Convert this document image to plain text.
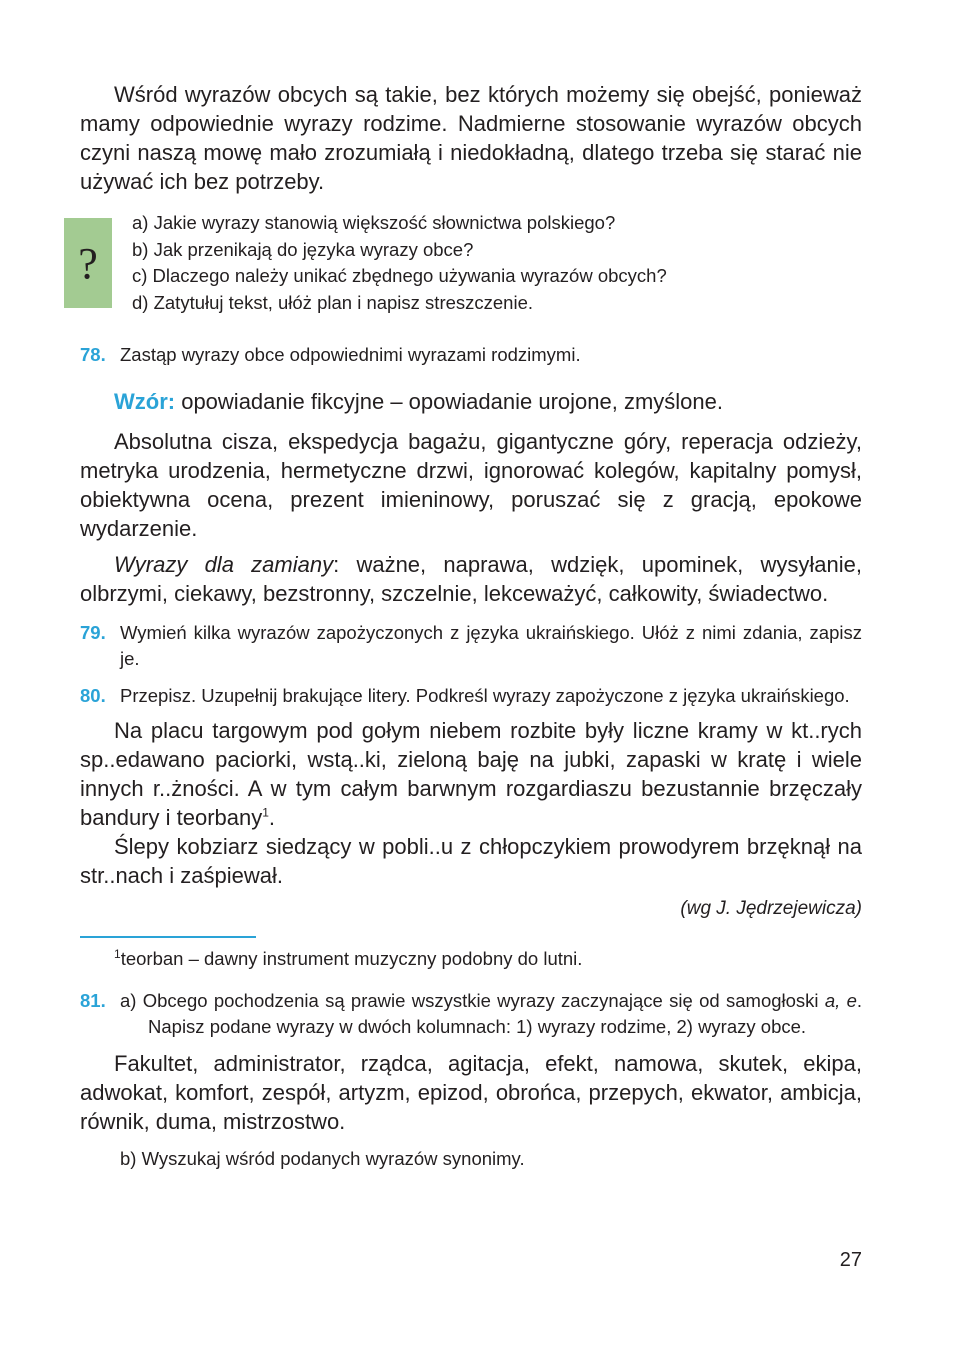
Wśród wyrazów obcych są takie, bez których możemy się obejść, ponieważ mamy odpowiednie wyrazy rodzime. Nadmierne stosowanie wyrazów obcych czyni naszą mowę mało zrozumiałą i niedokładną, dlatego trzeba się starać nie używać ich bez potrzeby.

?
a) Jakie wyrazy stanowią większość słownictwa polskiego?
b) Jak przenikają do języka wyrazy obce?
c) Dlaczego należy unikać zbędnego używania wyrazów obcych?
d) Zatytułuj tekst, ułóż plan i napisz streszczenie.
78. Zastąp wyrazy obce odpowiednimi wyrazami rodzimymi.

Wzór: opowiadanie fikcyjne – opowiadanie urojone, zmyślone.

Absolutna cisza, ekspedycja bagażu, gigantyczne góry, reperacja odzieży, metryka urodzenia, hermetyczne drzwi, ignorować kolegów, kapitalny pomysł, obiektywna ocena, prezent imieninowy, poruszać się z gracją, epokowe wydarzenie.

Wyrazy dla zamiany: ważne, naprawa, wdzięk, upominek, wysyłanie, olbrzymi, ciekawy, bezstronny, szczelnie, lekceważyć, całkowity, świadectwo.

79. Wymień kilka wyrazów zapożyczonych z języka ukraińskiego. Ułóż z nimi zdania, zapisz je.
80. Przepisz. Uzupełnij brakujące litery. Podkreśl wyrazy zapożyczone z języka ukraińskiego.

Na placu targowym pod gołym niebem rozbite były liczne kramy w kt..rych sp..edawano paciorki, wstą..ki, zieloną baję na jubki, zapaski w kratę i wiele innych r..żności. A w tym całym barwnym rozgardiaszu bezustannie brzęczały bandury i teorbany$^1$.

Ślepy kobziarz siedzący w pobli..u z chłopczykiem prowodyrem brzęknął na str..nach i zaśpiewał.

(wg J. Jędrzejewicza)

$^1$teorban – dawny instrument muzyczny podobny do lutni.
81. a) Obcego pochodzenia są prawie wszystkie wyrazy zaczynające się od samogłoski a, e. Napisz podane wyrazy w dwóch kolumnach: 1) wyrazy rodzime, 2) wyrazy obce.

Fakultet, administrator, rządca, agitacja, efekt, namowa, skutek, ekipa, adwokat, komfort, zespół, artyzm, epizod, obrońca, przepych, ekwator, ambicja, równik, duma, mistrzostwo.

b) Wyszukaj wśród podanych wyrazów synonimy.
27
